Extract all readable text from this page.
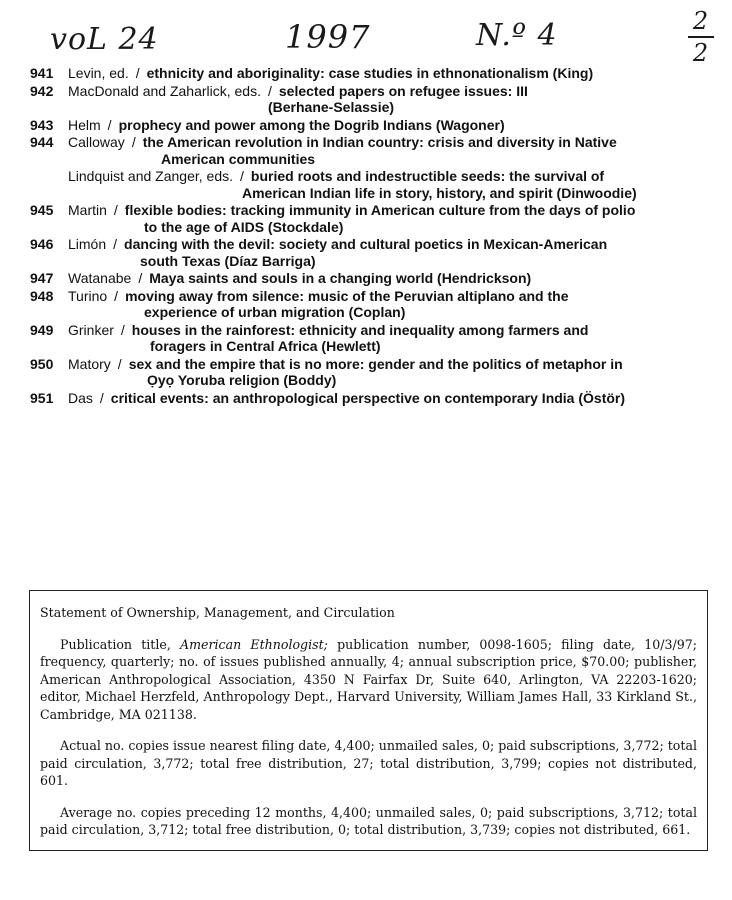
voL 24	1997	N.º 4	2
2
941 Levin, ed. / ethnicity and aboriginality: case studies in ethnonationalism (King)
942 MacDonald and Zaharlick, eds. / selected papers on refugee issues: III
(Berhane-Selassie)
943 Helm / prophecy and power among the Dogrib Indians (Wagoner)
944 Calloway / the American revolution in Indian country: crisis and diversity in Native
American communities
Lindquist and Zanger, eds. / buried roots and indestructible seeds: the survival of
American Indian life in story, history, and spirit (Dinwoodie)
945 Martin / flexible bodies: tracking immunity in American culture from the days of polio
to the age of AIDS (Stockdale)
946 Limón / dancing with the devil: society and cultural poetics in Mexican-American
south Texas (Díaz Barriga)
947 Watanabe / Maya saints and souls in a changing world (Hendrickson)
948 Turino / moving away from silence: music of the Peruvian altiplano and the
experience of urban migration (Coplan)
949 Grinker / houses in the rainforest: ethnicity and inequality among farmers and
foragers in Central Africa (Hewlett)
950 Matory / sex and the empire that is no more: gender and the politics of metaphor in
Ọyọ Yoruba religion (Boddy)
951 Das / critical events: an anthropological perspective on contemporary India (Östör)
Statement of Ownership, Management, and Circulation

Publication title, American Ethnologist; publication number, 0098-1605; filing date, 10/3/97; frequency, quarterly; no. of issues published annually, 4; annual subscription price, $70.00; publisher, American Anthropological Association, 4350 N Fairfax Dr, Suite 640, Arlington, VA 22203-1620; editor, Michael Herzfeld, Anthropology Dept., Harvard University, William James Hall, 33 Kirkland St., Cambridge, MA 021138.

Actual no. copies issue nearest filing date, 4,400; unmailed sales, 0; paid subscriptions, 3,772; total paid circulation, 3,772; total free distribution, 27; total distribution, 3,799; copies not distributed, 601.

Average no. copies preceding 12 months, 4,400; unmailed sales, 0; paid subscriptions, 3,712; total paid circulation, 3,712; total free distribution, 0; total distribution, 3,739; copies not distributed, 661.
